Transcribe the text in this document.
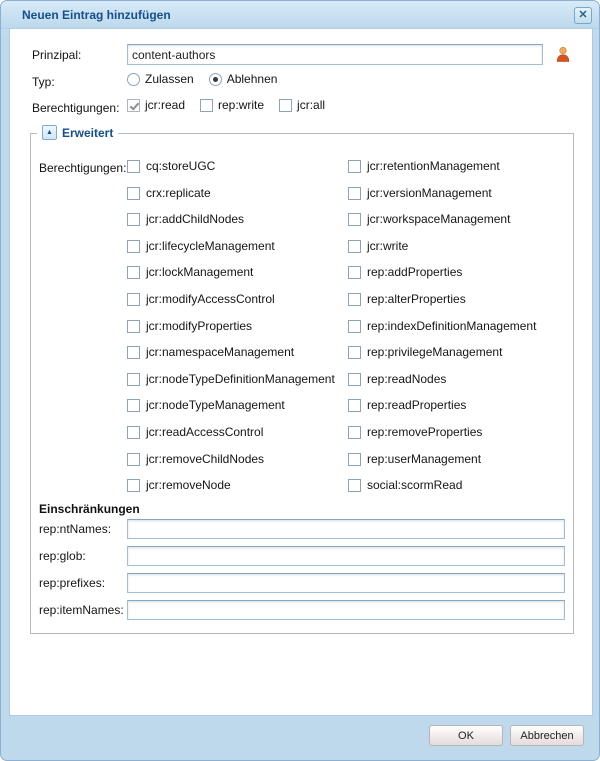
Neuen Eintrag hinzufügen	✕
Prinzipal:
content-authors
Typ:	Zulassen	Ablehnen
Berechtigungen: jcr:read	rep:write	jcr:all
▲ Erweitert
Berechtigungen: cq:storeUGC	jcr:retentionManagement
crx:replicate	jcr:versionManagement
jcr:addChildNodes	jcr:workspaceManagement
jcr:lifecycleManagement	jcr:write
jcr:lockManagement	rep:addProperties
jcr:modifyAccessControl	rep:alterProperties
jcr:modifyProperties	rep:indexDefinitionManagement
jcr:namespaceManagement	rep:privilegeManagement
jcr:nodeTypeDefinitionManagement	rep:readNodes
jcr:nodeTypeManagement	rep:readProperties
jcr:readAccessControl	rep:removeProperties
jcr:removeChildNodes	rep:userManagement
jcr:removeNode	social:scormRead
Einschränkungen
rep:ntNames:
rep:glob:
rep:prefixes:
rep:itemNames:
OK	Abbrechen
